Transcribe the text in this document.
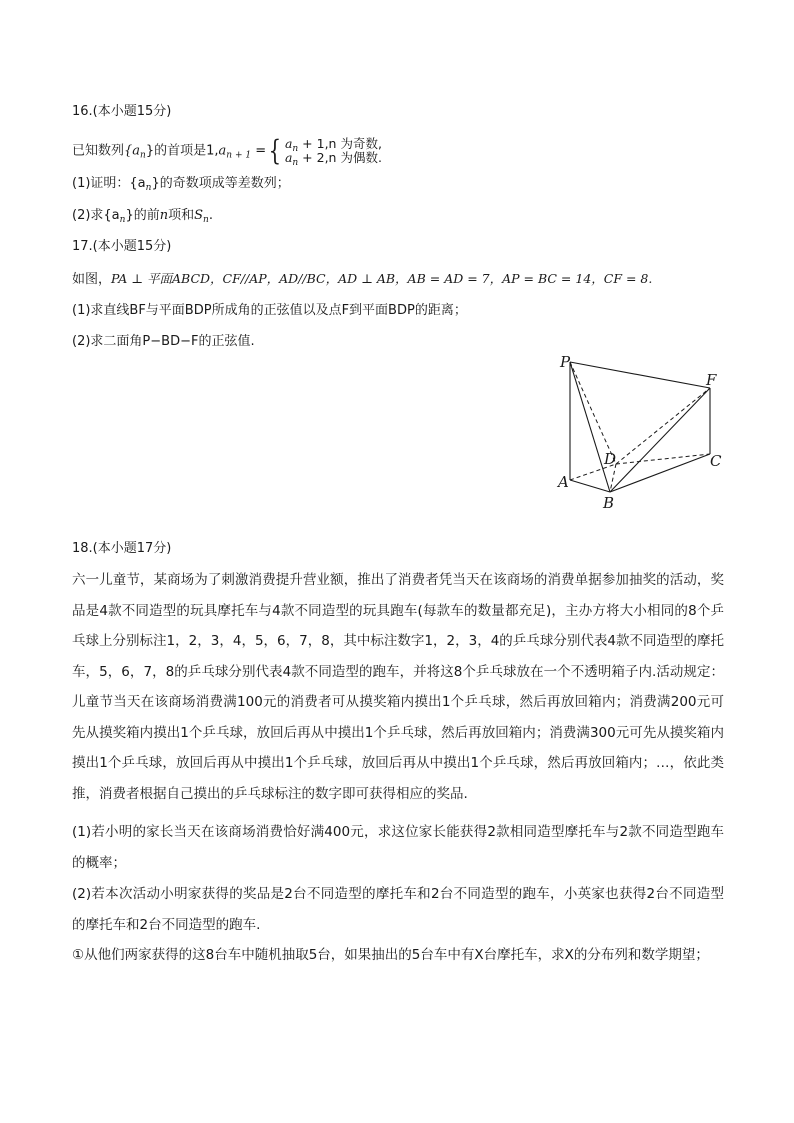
16.(本小题15分)
已知数列$\{a_n\}$的首项是$1,a_{n + 1}$ = { $a_n + 1,n$ 为奇数,
$a_n + 2,n$ 为偶数.
(1)证明：$\{a_n\}$的奇数项成等差数列；
(2)求$\{a_n\}$的前n项和$S_n$.
17.(本小题15分)
如图，PA ⊥ 平面ABCD，CF//AP，AD//BC，AD ⊥ AB，AB = AD = 7，AP = BC = 14，CF = 8.
(1)求直线BF与平面BDP所成角的正弦值以及点F到平面BDP的距离；
(2)求二面角P−BD−F的正弦值.
P
F
D	C
A
B
18.(本小题17分)
六一儿童节，某商场为了刺激消费提升营业额，推出了消费者凭当天在该商场的消费单据参加抽奖的活动，奖品是4款不同造型的玩具摩托车与4款不同造型的玩具跑车(每款车的数量都充足)，主办方将大小相同的8个乒乓球上分别标注1，2，3，4，5，6，7，8，其中标注数字1，2，3，4的乒乓球分别代表4款不同造型的摩托车，5，6，7，8的乒乓球分别代表4款不同造型的跑车，并将这8个乒乓球放在一个不透明箱子内.活动规定：儿童节当天在该商场消费满100元的消费者可从摸奖箱内摸出1个乒乓球，然后再放回箱内；消费满200元可先从摸奖箱内摸出1个乒乓球，放回后再从中摸出1个乒乓球，然后再放回箱内；消费满300元可先从摸奖箱内摸出1个乒乓球，放回后再从中摸出1个乒乓球，放回后再从中摸出1个乒乓球，然后再放回箱内；…，依此类推，消费者根据自己摸出的乒乓球标注的数字即可获得相应的奖品.
(1)若小明的家长当天在该商场消费恰好满400元，求这位家长能获得2款相同造型摩托车与2款不同造型跑车的概率；
(2)若本次活动小明家获得的奖品是2台不同造型的摩托车和2台不同造型的跑车，小英家也获得2台不同造型的摩托车和2台不同造型的跑车.
①从他们两家获得的这8台车中随机抽取5台，如果抽出的5台车中有X台摩托车，求X的分布列和数学期望；
